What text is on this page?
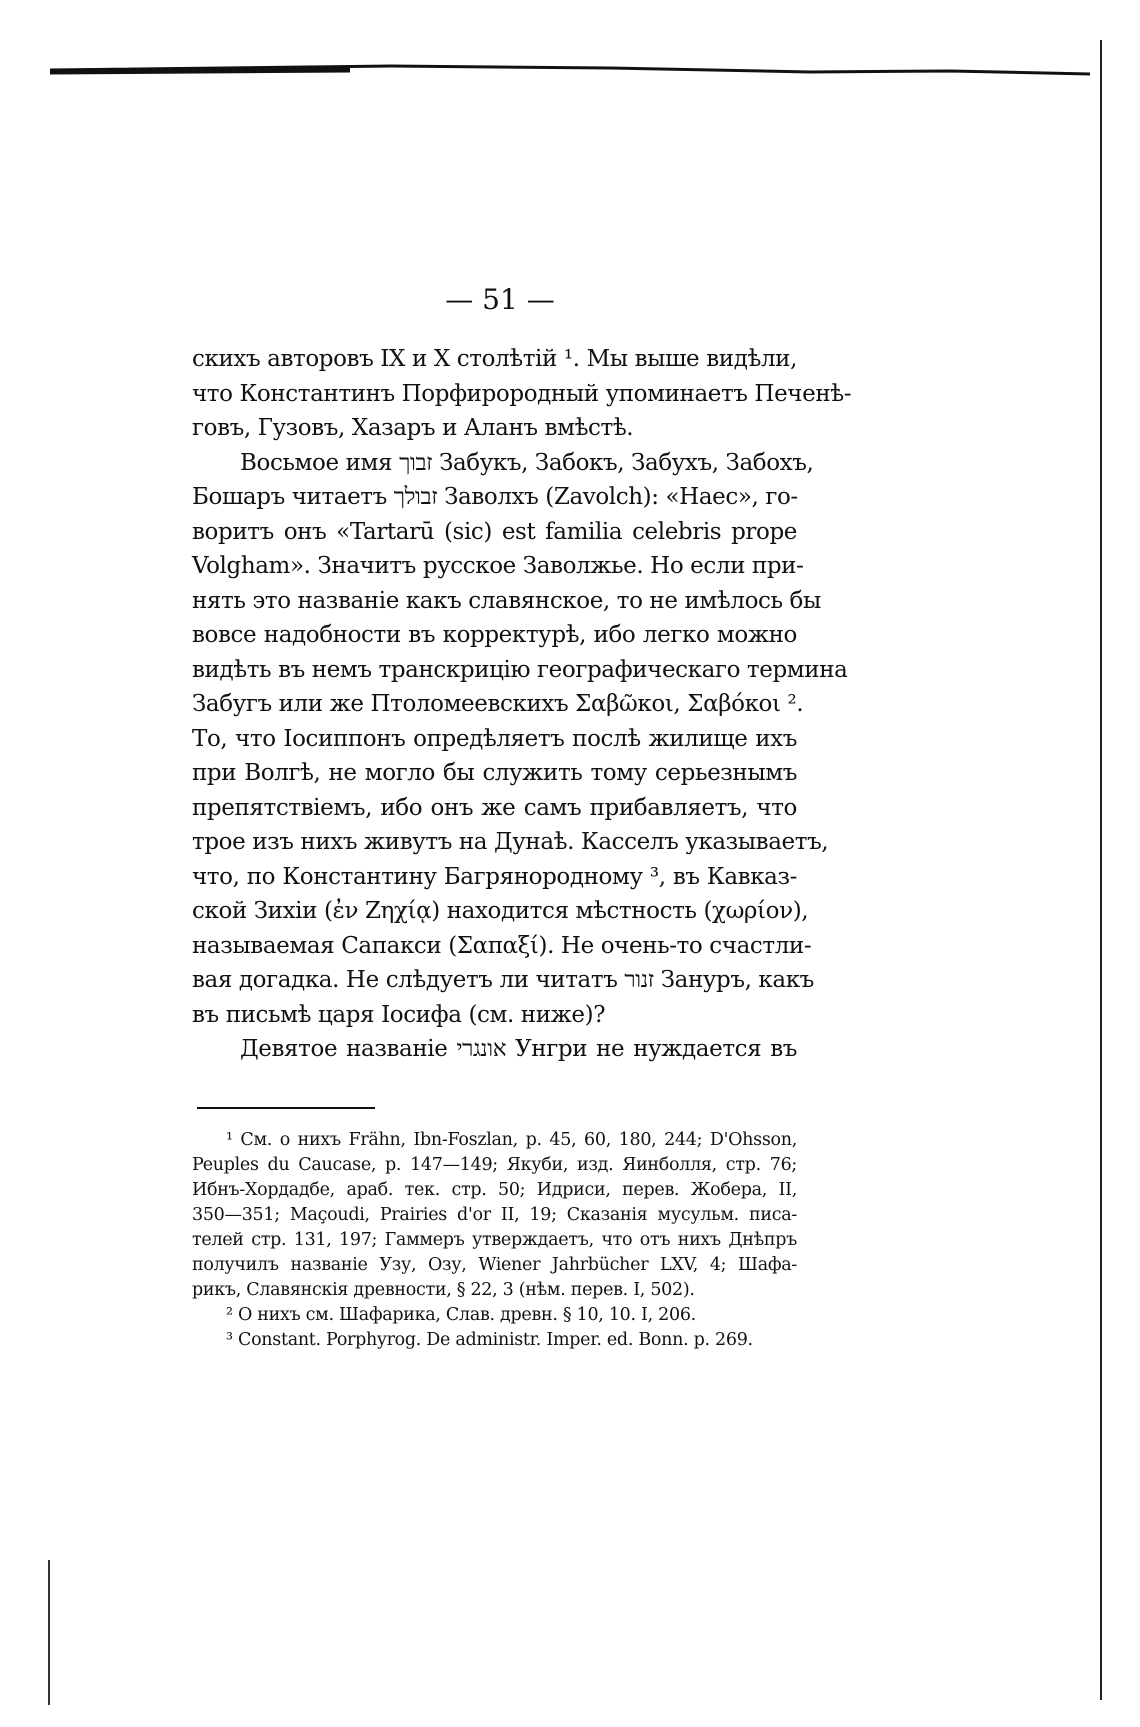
— 51 —
скихъ авторовъ IX и X столѣтій ¹. Мы выше видѣли,
что Константинъ Порфирородный упоминаетъ Печенѣ-
говъ, Гузовъ, Хазаръ и Аланъ вмѣстѣ.
Восьмое имя זבוך Забукъ, Забокъ, Забухъ, Забохъ,
Бошаръ читаетъ זבולך Заволхъ (Zavolch): «Haec», го-
воритъ онъ «Tartarū (sic) est familia celebris prope
Volgham». Значитъ русское Заволжье. Но если при-
нять это названіе какъ славянское, то не имѣлось бы
вовсе надобности въ корректурѣ, ибо легко можно
видѣть въ немъ транскрицію географическаго термина
Забугъ или же Птоломеевскихъ Σαβῶκοι, Σαβόκοι ².
То, что Іосиппонъ опредѣляетъ послѣ жилище ихъ
при Волгѣ, не могло бы служить тому серьезнымъ
препятствіемъ, ибо онъ же самъ прибавляетъ, что
трое изъ нихъ живутъ на Дунаѣ. Касселъ указываетъ,
что, по Константину Багрянородному ³, въ Кавказ-
ской Зихіи (ἐν Ζηχίᾳ) находится мѣстность (χωρίον),
называемая Сапакси (Σαπαξί). Не очень-то счастли-
вая догадка. Не слѣдуетъ ли читатъ זנור Зануръ, какъ
въ письмѣ царя Іосифа (см. ниже)?
Девятое названіе אונגרי Унгри не нуждается въ
¹ См. о нихъ Frähn, Ibn-Foszlan, p. 45, 60, 180, 244; D'Ohsson,
Peuples du Caucase, p. 147—149; Якуби, изд. Яинболля, стр. 76;
Ибнъ-Хордадбе, араб. тек. стр. 50; Идриси, перев. Жобера, II,
350—351; Maçoudi, Prairies d'or II, 19; Сказанія мусульм. писа-
телей стр. 131, 197; Гаммеръ утверждаетъ, что отъ нихъ Днѣпръ
получилъ названіе Узу, Озу, Wiener Jahrbücher LXV, 4; Шафа-
рикъ, Славянскія древности, § 22, 3 (нѣм. перев. I, 502).
² О нихъ см. Шафарика, Слав. древн. § 10, 10. I, 206.
³ Constant. Porphyrog. De administr. Imper. ed. Bonn. p. 269.
